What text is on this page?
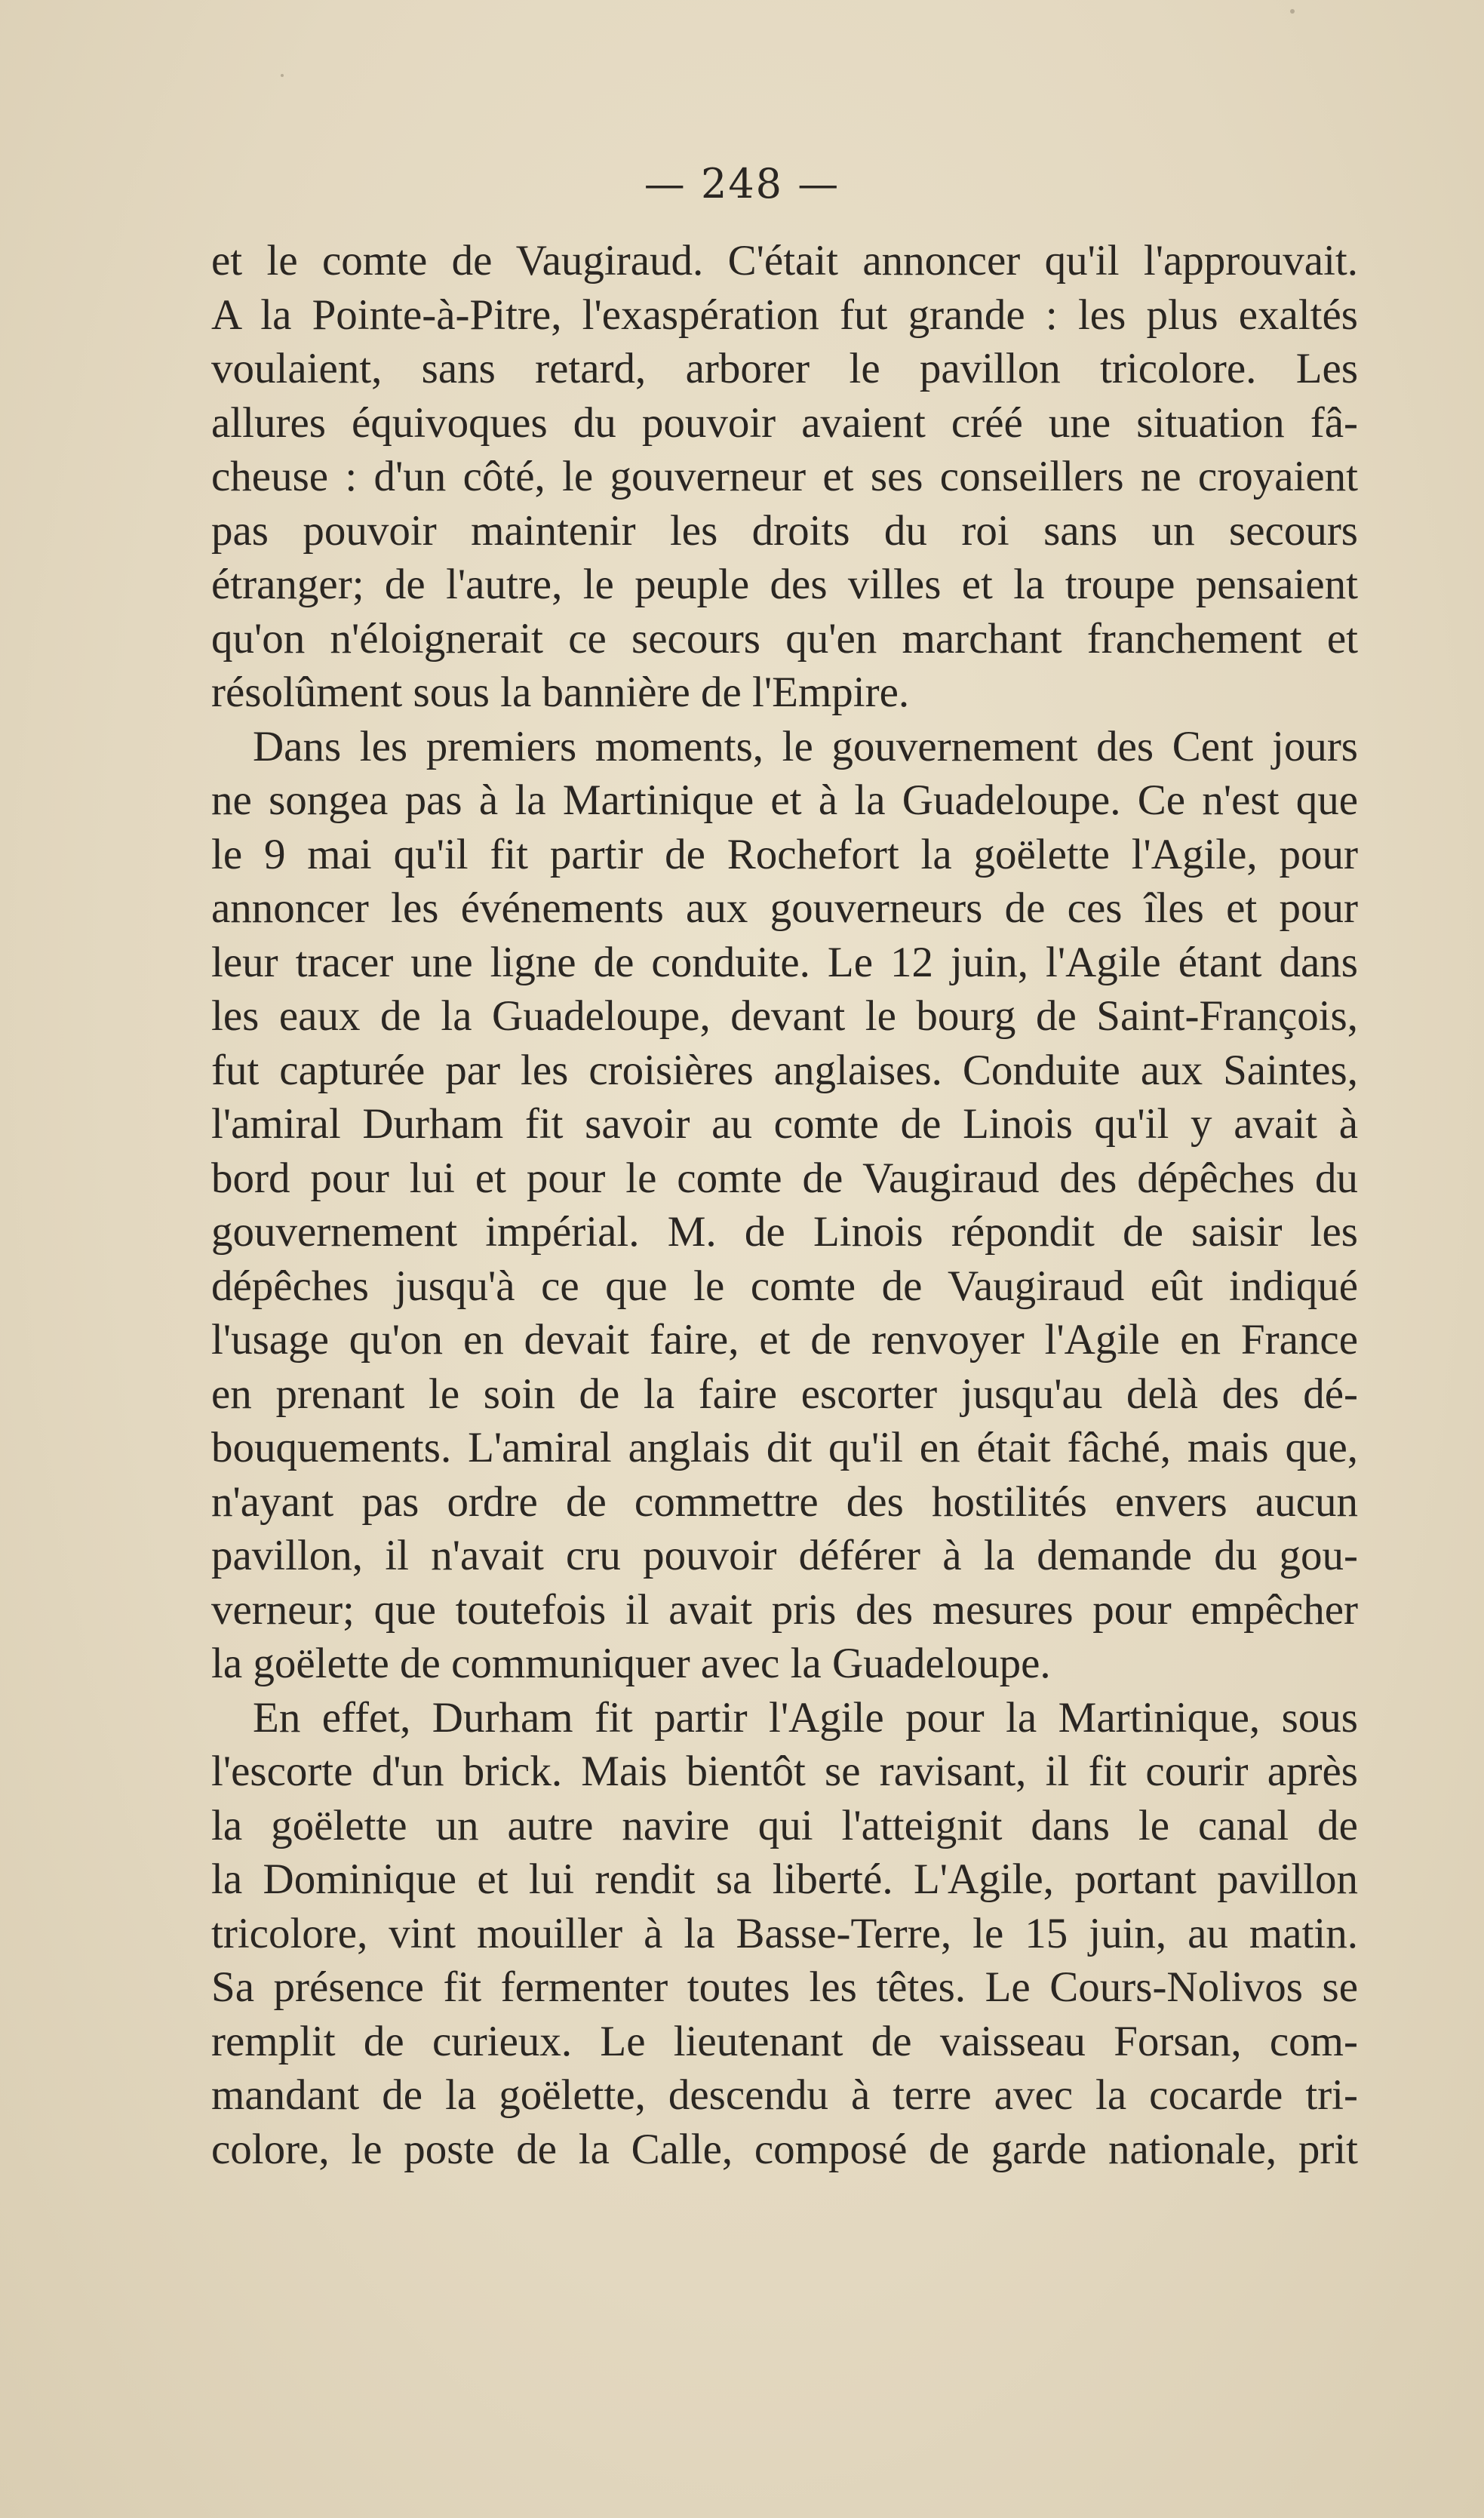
— 248 —
et le comte de Vaugiraud. C'était annoncer qu'il l'approuvait.
A la Pointe-à-Pitre, l'exaspération fut grande : les plus exaltés
voulaient, sans retard, arborer le pavillon tricolore. Les
allures équivoques du pouvoir avaient créé une situation fâ-
cheuse : d'un côté, le gouverneur et ses conseillers ne croyaient
pas pouvoir maintenir les droits du roi sans un secours
étranger; de l'autre, le peuple des villes et la troupe pensaient
qu'on n'éloignerait ce secours qu'en marchant franchement et
résolûment sous la bannière de l'Empire.
Dans les premiers moments, le gouvernement des Cent jours
ne songea pas à la Martinique et à la Guadeloupe. Ce n'est que
le 9 mai qu'il fit partir de Rochefort la goëlette l'Agile, pour
annoncer les événements aux gouverneurs de ces îles et pour
leur tracer une ligne de conduite. Le 12 juin, l'Agile étant dans
les eaux de la Guadeloupe, devant le bourg de Saint-François,
fut capturée par les croisières anglaises. Conduite aux Saintes,
l'amiral Durham fit savoir au comte de Linois qu'il y avait à
bord pour lui et pour le comte de Vaugiraud des dépêches du
gouvernement impérial. M. de Linois répondit de saisir les
dépêches jusqu'à ce que le comte de Vaugiraud eût indiqué
l'usage qu'on en devait faire, et de renvoyer l'Agile en France
en prenant le soin de la faire escorter jusqu'au delà des dé-
bouquements. L'amiral anglais dit qu'il en était fâché, mais que,
n'ayant pas ordre de commettre des hostilités envers aucun
pavillon, il n'avait cru pouvoir déférer à la demande du gou-
verneur; que toutefois il avait pris des mesures pour empêcher
la goëlette de communiquer avec la Guadeloupe.
En effet, Durham fit partir l'Agile pour la Martinique, sous
l'escorte d'un brick. Mais bientôt se ravisant, il fit courir après
la goëlette un autre navire qui l'atteignit dans le canal de
la Dominique et lui rendit sa liberté. L'Agile, portant pavillon
tricolore, vint mouiller à la Basse-Terre, le 15 juin, au matin.
Sa présence fit fermenter toutes les têtes. Le Cours-Nolivos se
remplit de curieux. Le lieutenant de vaisseau Forsan, com-
mandant de la goëlette, descendu à terre avec la cocarde tri-
colore, le poste de la Calle, composé de garde nationale, prit
